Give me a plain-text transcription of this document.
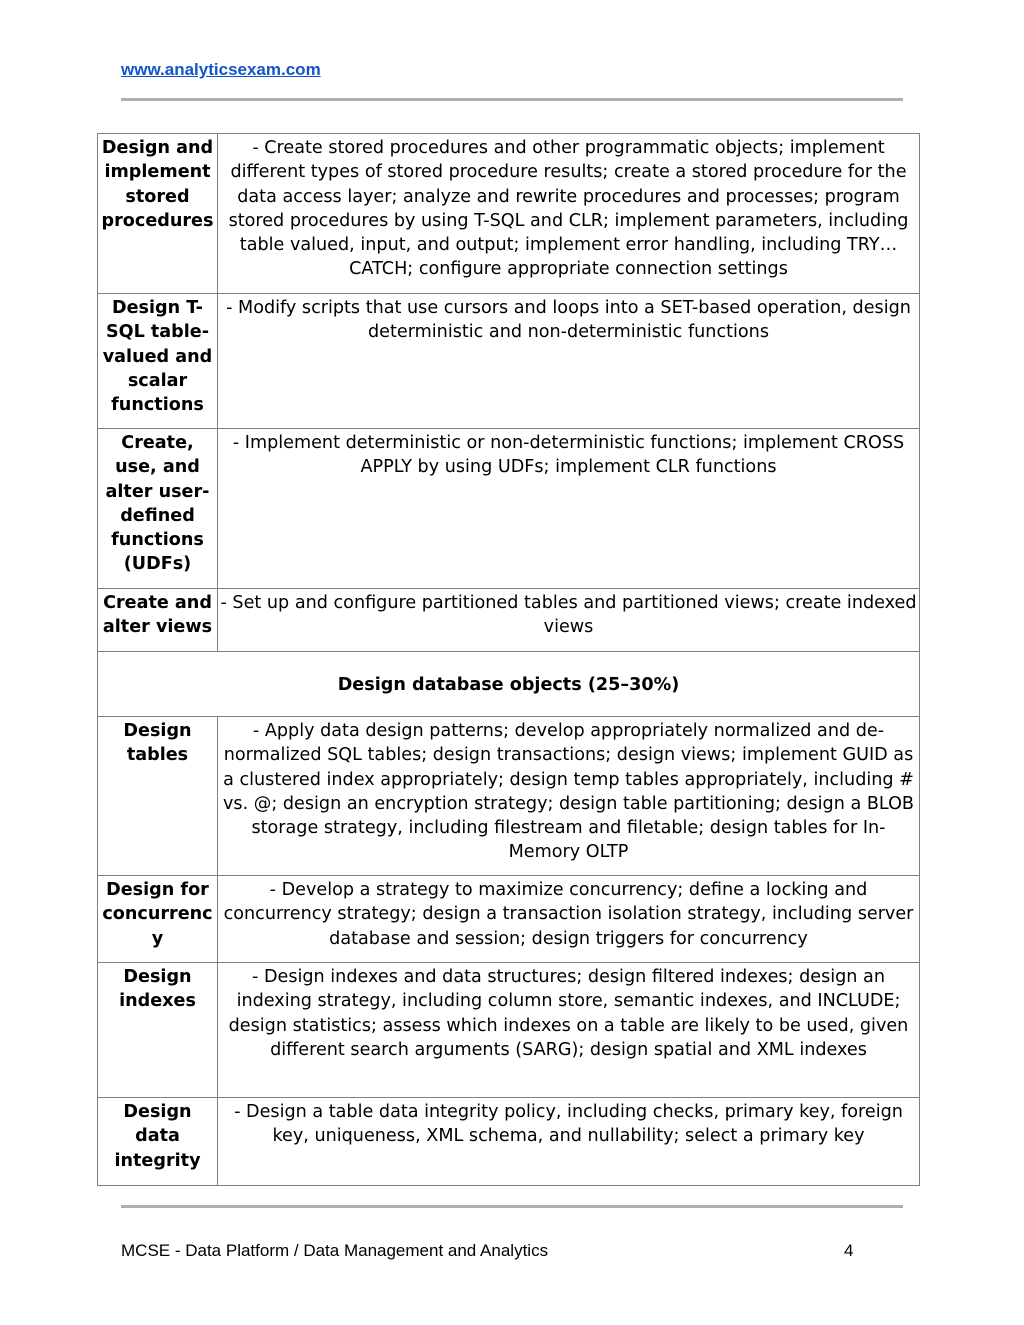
www.analyticsexam.com
Design and implement stored procedures	- Create stored procedures and other programmatic objects; implement different types of stored procedure results; create a stored procedure for the data access layer; analyze and rewrite procedures and processes; program stored procedures by using T-SQL and CLR; implement parameters, including table valued, input, and output; implement error handling, including TRY…CATCH; configure appropriate connection settings
Design T-SQL table-valued and scalar functions	- Modify scripts that use cursors and loops into a SET-based operation, design deterministic and non-deterministic functions
Create, use, and alter user-defined functions (UDFs)	- Implement deterministic or non-deterministic functions; implement CROSS APPLY by using UDFs; implement CLR functions
Create and alter views	- Set up and configure partitioned tables and partitioned views; create indexed views
Design database objects (25–30%)	
Design tables	- Apply data design patterns; develop appropriately normalized and de-normalized SQL tables; design transactions; design views; implement GUID as a clustered index appropriately; design temp tables appropriately, including # vs. @; design an encryption strategy; design table partitioning; design a BLOB storage strategy, including filestream and filetable; design tables for In-Memory OLTP
Design for concurrency	- Develop a strategy to maximize concurrency; define a locking and concurrency strategy; design a transaction isolation strategy, including server database and session; design triggers for concurrency
Design indexes	- Design indexes and data structures; design filtered indexes; design an indexing strategy, including column store, semantic indexes, and INCLUDE; design statistics; assess which indexes on a table are likely to be used, given different search arguments (SARG); design spatial and XML indexes
Design data integrity	- Design a table data integrity policy, including checks, primary key, foreign key, uniqueness, XML schema, and nullability; select a primary key
MCSE - Data Platform / Data Management and Analytics	4
